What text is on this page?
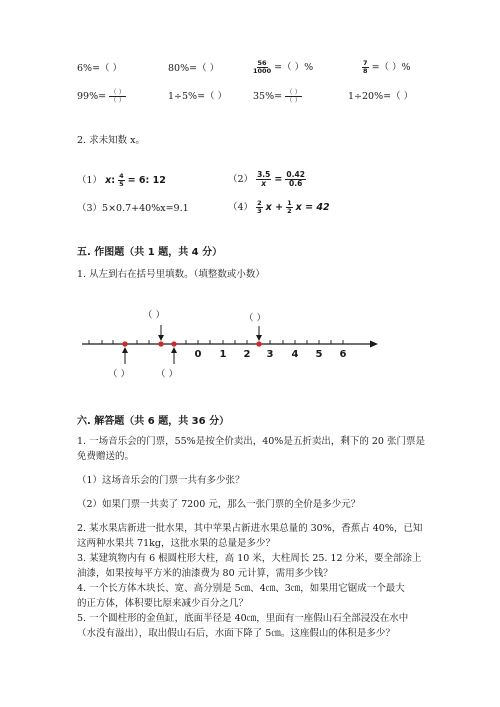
6%=（ ）	80%=（ ）	$\frac{56}{1000}$ =（ ）%	$\frac{7}{8}$ =（ ）%
$99\%= \frac{( )}{( )}$	1÷5%=（ ）	$35\%= \frac{( )}{( )}$	1÷20%=（ ）
2. 求未知数 x。
（1） x: $\frac{4}{5} = 6$: 12	$(2) \frac{3.5}{x} = \frac{0.42}{0.6}$
（3）5×0.7+40%x=9.1	$(4) \frac{2}{3}$ $x + \frac{1}{2}$ x = 42
五. 作图题（共 1 题，共 4 分）
1. 从左到右在括号里填数。（填整数或小数）
（ ）	（ ）
（ ）	（ ）
0 1 2 3 4 5 6
六. 解答题（共 6 题，共 36 分）
1. 一场音乐会的门票，55%是按全价卖出，40%是五折卖出，剩下的 20 张门票是
免费赠送的。
（1）这场音乐会的门票一共有多少张？
（2）如果门票一共卖了 7200 元，那么一张门票的全价是多少元？
2. 某水果店新进一批水果，其中苹果占新进水果总量的 30%，香蕉占 40%，已知
这两种水果共 71kg，这批水果的总量是多少？
3. 某建筑物内有 6 根圆柱形大柱，高 10 米，大柱周长 25. 12 分米，要全部涂上
油漆，如果按每平方米的油漆费为 80 元计算，需用多少钱？
4. 一个长方体木块长、宽、高分别是 5㎝、4㎝、3㎝，如果用它锯成一个最大
的正方体，体积要比原来减少百分之几？
5. 一个圆柱形的金鱼缸，底面半径是 40㎝，里面有一座假山石全部浸没在水中
（水没有溢出），取出假山石后，水面下降了 5㎝。这座假山的体积是多少？
